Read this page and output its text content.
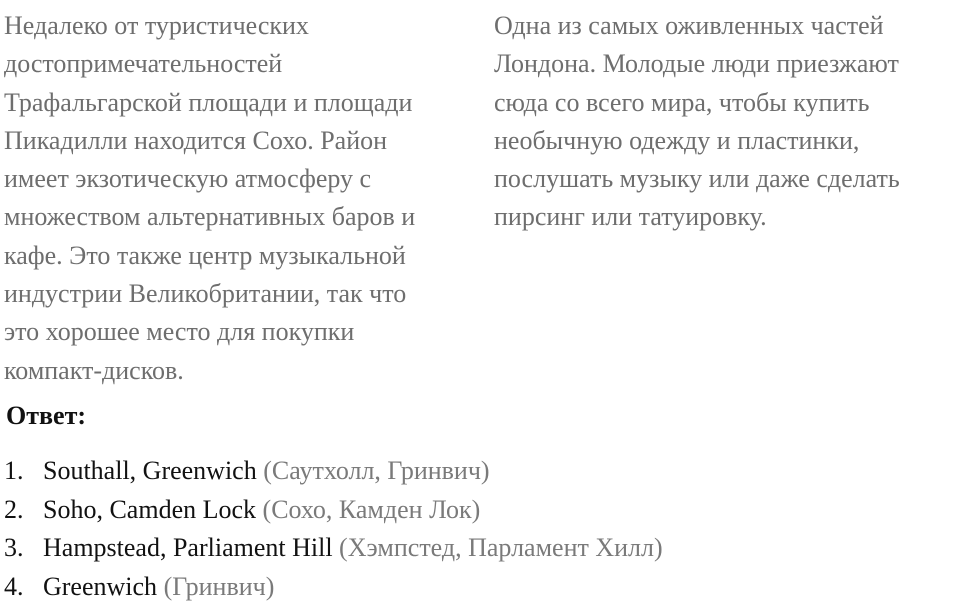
Недалеко от туристических
достопримечательностей
Трафальгарской площади и площади
Пикадилли находится Сохо. Район
имеет экзотическую атмосферу с
множеством альтернативных баров и
кафе. Это также центр музыкальной
индустрии Великобритании, так что
это хорошее место для покупки
компакт-дисков.
Одна из самых оживленных частей
Лондона. Молодые люди приезжают
сюда со всего мира, чтобы купить
необычную одежду и пластинки,
послушать музыку или даже сделать
пирсинг или татуировку.
Ответ:
1. Southall, Greenwich (Саутхолл, Гринвич)
2. Soho, Camden Lock (Сохо, Камден Лок)
3. Hampstead, Parliament Hill (Хэмпстед, Парламент Хилл)
4. Greenwich (Гринвич)
